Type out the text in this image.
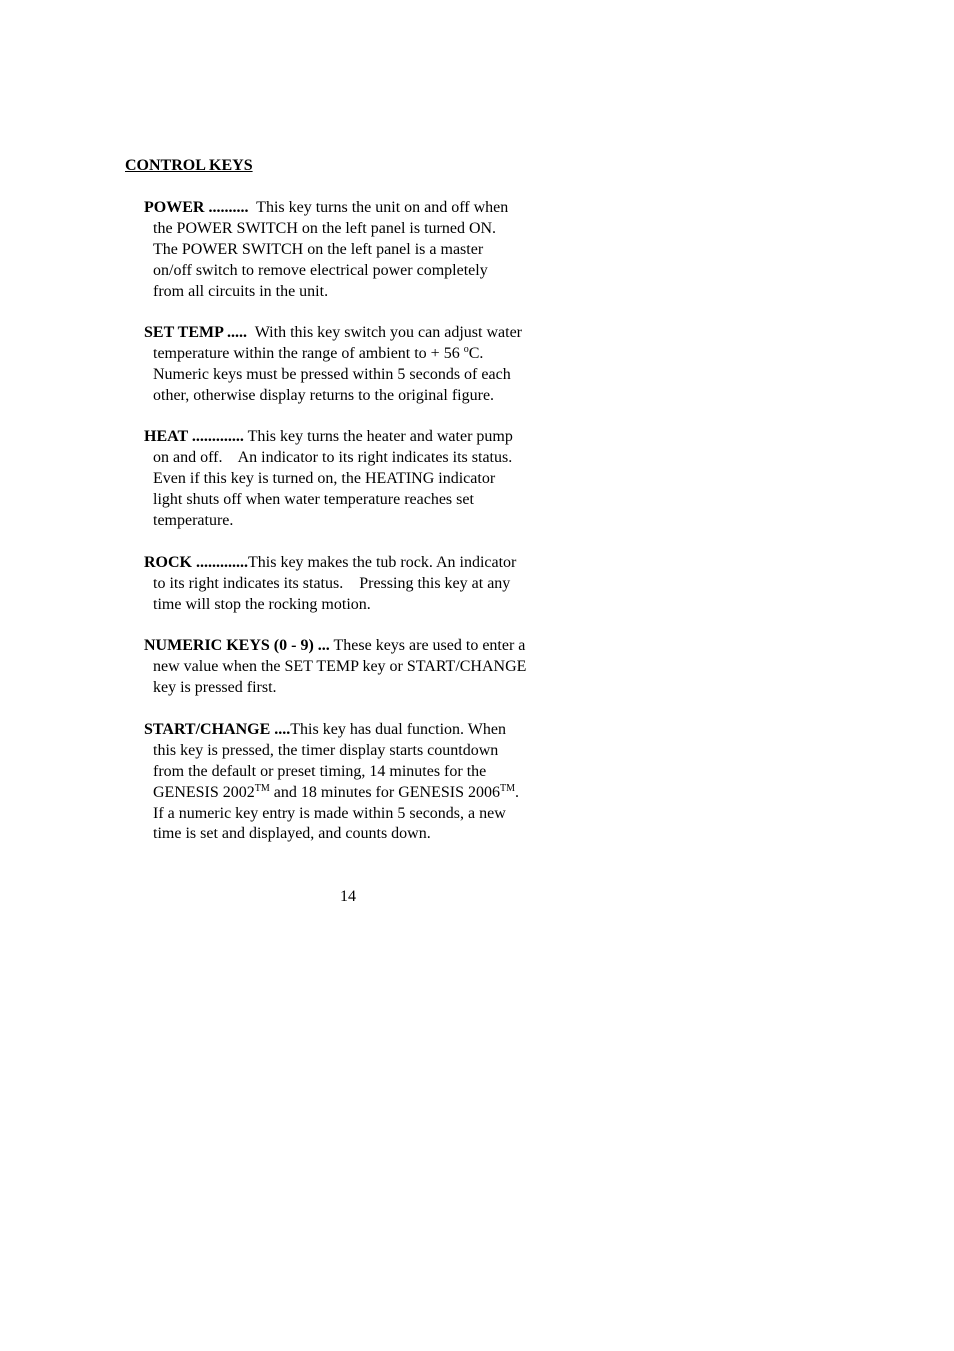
CONTROL KEYS
POWER ..........  This key turns the unit on and off when
the POWER SWITCH on the left panel is turned ON.
The POWER SWITCH on the left panel is a master
on/off switch to remove electrical power completely
from all circuits in the unit.
SET TEMP .....  With this key switch you can adjust water
temperature within the range of ambient to + 56 $^o$C.
Numeric keys must be pressed within 5 seconds of each
other, otherwise display returns to the original figure.
HEAT ............. This key turns the heater and water pump
on and off.    An indicator to its right indicates its status.
Even if this key is turned on, the HEATING indicator
light shuts off when water temperature reaches set
temperature.
ROCK .............This key makes the tub rock. An indicator
to its right indicates its status.    Pressing this key at any
time will stop the rocking motion.
NUMERIC KEYS (0 - 9) ... These keys are used to enter a
new value when the SET TEMP key or START/CHANGE
key is pressed first.
START/CHANGE ....This key has dual function. When
this key is pressed, the timer display starts countdown
from the default or preset timing, 14 minutes for the
GENESIS 2002™ and 18 minutes for GENESIS 2006™.
If a numeric key entry is made within 5 seconds, a new
time is set and displayed, and counts down.
14
